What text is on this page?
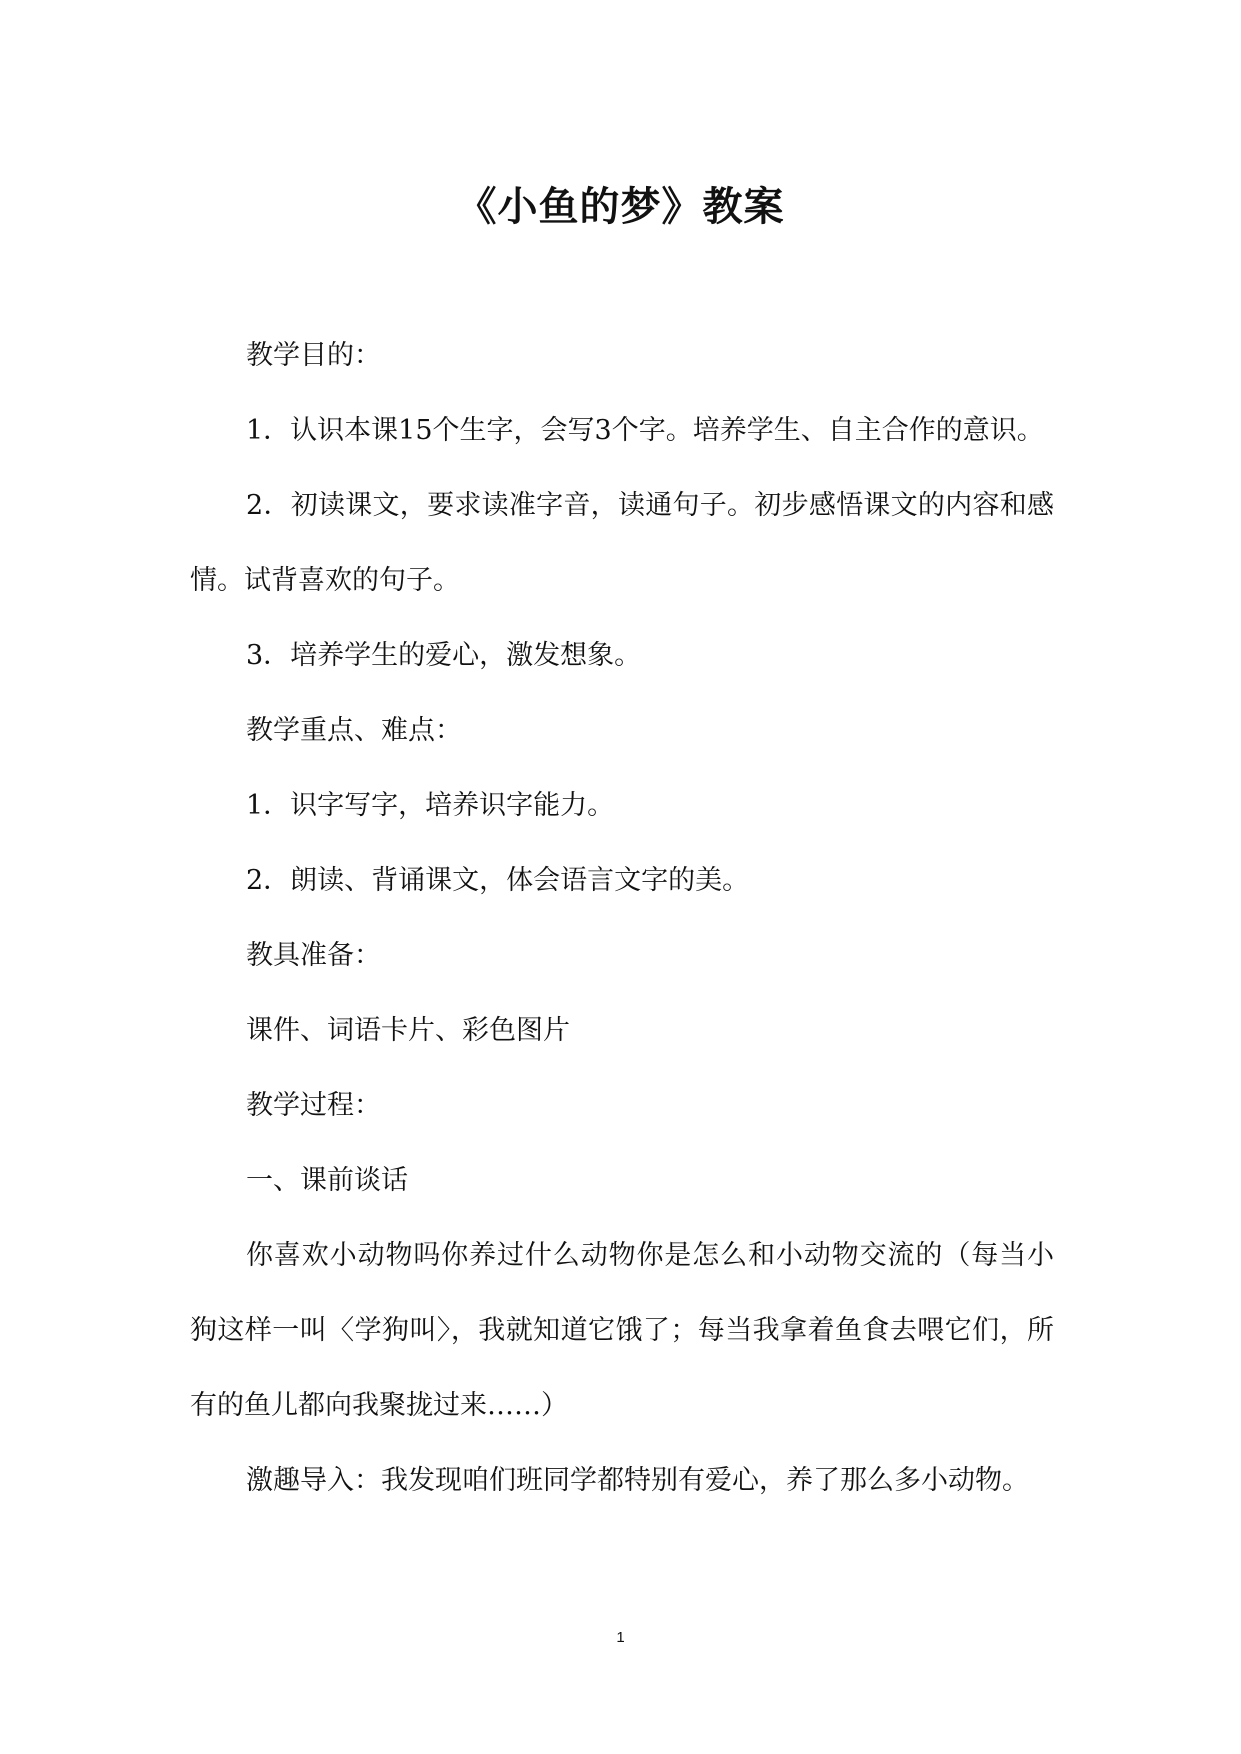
《小鱼的梦》教案

教学目的：

1．认识本课15个生字，会写3个字。培养学生、自主合作的意识。

2．初读课文，要求读准字音，读通句子。初步感悟课文的内容和感情。试背喜欢的句子。

3．培养学生的爱心，激发想象。

教学重点、难点：

1．识字写字，培养识字能力。

2．朗读、背诵课文，体会语言文字的美。

教具准备：

课件、词语卡片、彩色图片

教学过程：

一、课前谈话

你喜欢小动物吗你养过什么动物你是怎么和小动物交流的（每当小狗这样一叫〈学狗叫〉，我就知道它饿了；每当我拿着鱼食去喂它们，所有的鱼儿都向我聚拢过来……）

激趣导入：我发现咱们班同学都特别有爱心，养了那么多小动物。

1
